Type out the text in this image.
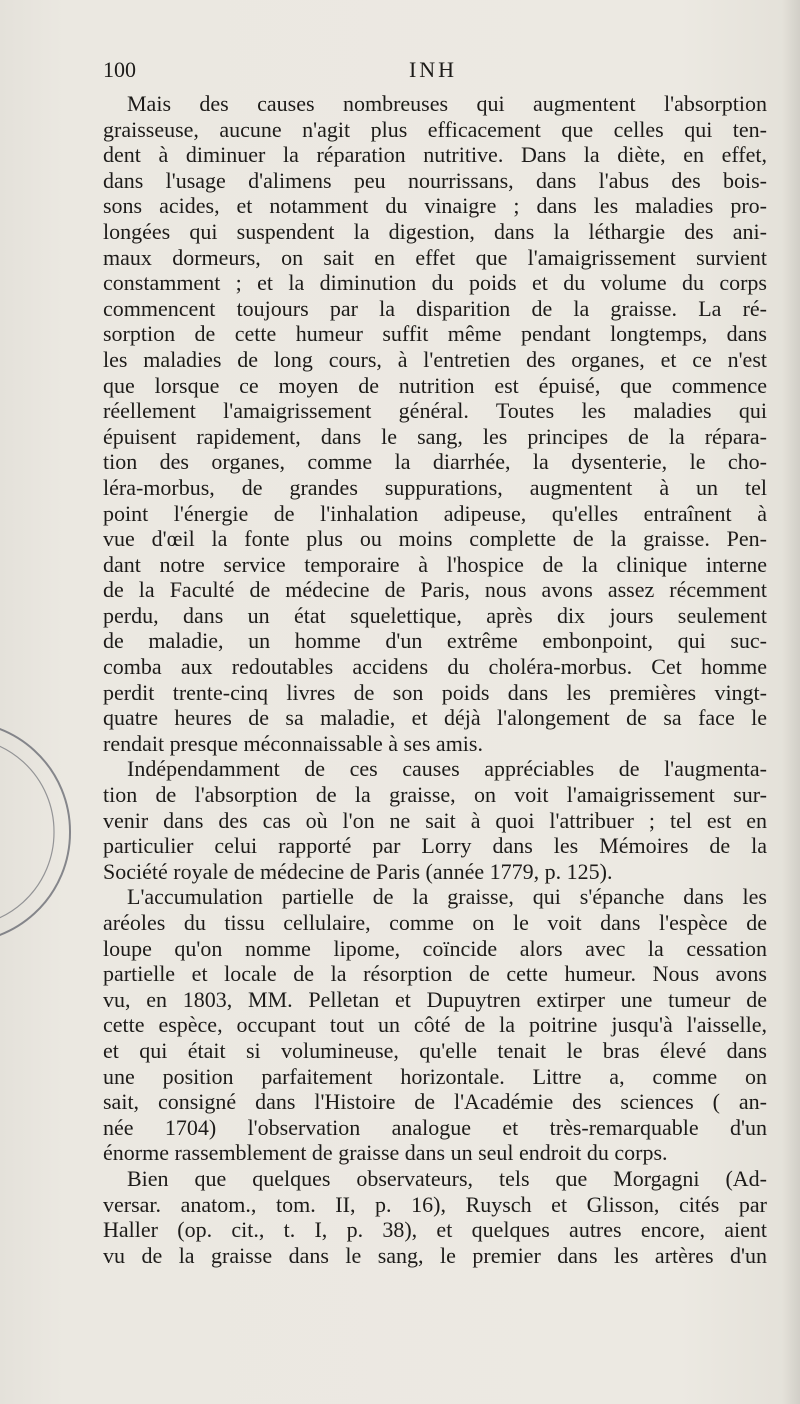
100	INH
Mais des causes nombreuses qui augmentent l'absorption
graisseuse, aucune n'agit plus efficacement que celles qui ten-
dent à diminuer la réparation nutritive. Dans la diète, en effet,
dans l'usage d'alimens peu nourrissans, dans l'abus des bois-
sons acides, et notamment du vinaigre ; dans les maladies pro-
longées qui suspendent la digestion, dans la léthargie des ani-
maux dormeurs, on sait en effet que l'amaigrissement survient
constamment ; et la diminution du poids et du volume du corps
commencent toujours par la disparition de la graisse. La ré-
sorption de cette humeur suffit même pendant longtemps, dans
les maladies de long cours, à l'entretien des organes, et ce n'est
que lorsque ce moyen de nutrition est épuisé, que commence
réellement l'amaigrissement général. Toutes les maladies qui
épuisent rapidement, dans le sang, les principes de la répara-
tion des organes, comme la diarrhée, la dysenterie, le cho-
léra-morbus, de grandes suppurations, augmentent à un tel
point l'énergie de l'inhalation adipeuse, qu'elles entraînent à
vue d'œil la fonte plus ou moins complette de la graisse. Pen-
dant notre service temporaire à l'hospice de la clinique interne
de la Faculté de médecine de Paris, nous avons assez récemment
perdu, dans un état squelettique, après dix jours seulement
de maladie, un homme d'un extrême embonpoint, qui suc-
comba aux redoutables accidens du choléra-morbus. Cet homme
perdit trente-cinq livres de son poids dans les premières vingt-
quatre heures de sa maladie, et déjà l'alongement de sa face le
rendait presque méconnaissable à ses amis.
Indépendamment de ces causes appréciables de l'augmenta-
tion de l'absorption de la graisse, on voit l'amaigrissement sur-
venir dans des cas où l'on ne sait à quoi l'attribuer ; tel est en
particulier celui rapporté par Lorry dans les Mémoires de la
Société royale de médecine de Paris (année 1779, p. 125).
L'accumulation partielle de la graisse, qui s'épanche dans les
aréoles du tissu cellulaire, comme on le voit dans l'espèce de
loupe qu'on nomme lipome, coïncide alors avec la cessation
partielle et locale de la résorption de cette humeur. Nous avons
vu, en 1803, MM. Pelletan et Dupuytren extirper une tumeur de
cette espèce, occupant tout un côté de la poitrine jusqu'à l'aisselle,
et qui était si volumineuse, qu'elle tenait le bras élevé dans
une position parfaitement horizontale. Littre a, comme on
sait, consigné dans l'Histoire de l'Académie des sciences ( an-
née 1704) l'observation analogue et très-remarquable d'un
énorme rassemblement de graisse dans un seul endroit du corps.
Bien que quelques observateurs, tels que Morgagni (Ad-
versar. anatom., tom. II, p. 16), Ruysch et Glisson, cités par
Haller (op. cit., t. I, p. 38), et quelques autres encore, aient
vu de la graisse dans le sang, le premier dans les artères d'un
